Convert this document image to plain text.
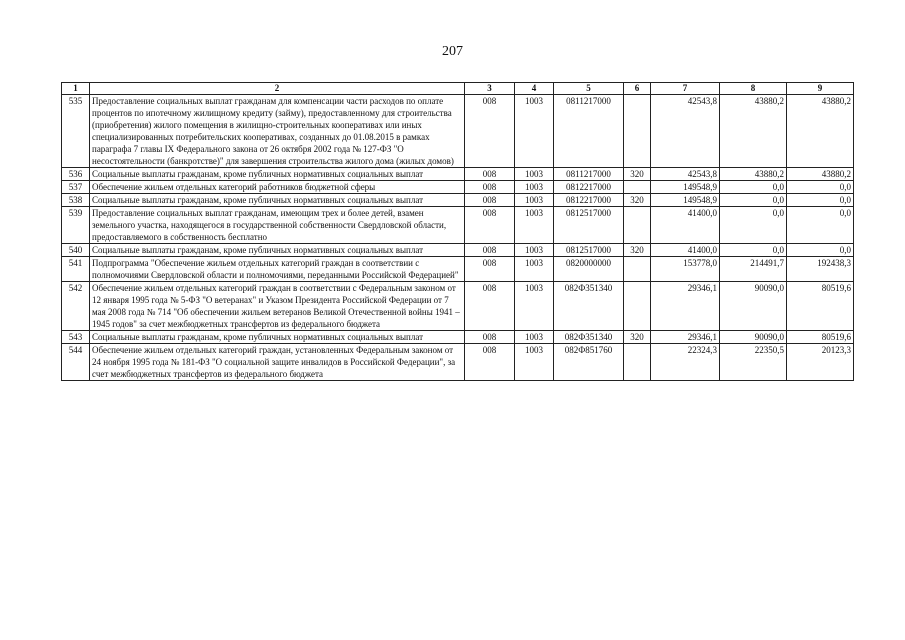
207
1	2	3	4	5	6	7	8	9
535	Предоставление социальных выплат гражданам для компенсации части расходов по оплате процентов по ипотечному жилищному кредиту (займу), предоставленному для строительства (приобретения) жилого помещения в жилищно-строительных кооперативах или иных специализированных потребительских кооперативах, созданных до 01.08.2015 в рамках параграфа 7 главы IX Федерального закона от 26 октября 2002 года № 127-ФЗ "О несостоятельности (банкротстве)" для завершения строительства жилого дома (жилых домов)	008	1003	0811217000		42543,8	43880,2	43880,2
536	Социальные выплаты гражданам, кроме публичных нормативных социальных выплат	008	1003	0811217000	320	42543,8	43880,2	43880,2
537	Обеспечение жильем отдельных категорий работников бюджетной сферы	008	1003	0812217000		149548,9	0,0	0,0
538	Социальные выплаты гражданам, кроме публичных нормативных социальных выплат	008	1003	0812217000	320	149548,9	0,0	0,0
539	Предоставление социальных выплат гражданам, имеющим трех и более детей, взамен земельного участка, находящегося в государственной собственности Свердловской области, предоставляемого в собственность бесплатно	008	1003	0812517000		41400,0	0,0	0,0
540	Социальные выплаты гражданам, кроме публичных нормативных социальных выплат	008	1003	0812517000	320	41400,0	0,0	0,0
541	Подпрограмма "Обеспечение жильем отдельных категорий граждан в соответствии с полномочиями Свердловской области и полномочиями, переданными Российской Федерацией"	008	1003	0820000000		153778,0	214491,7	192438,3
542	Обеспечение жильем отдельных категорий граждан в соответствии с Федеральным законом от 12 января 1995 года № 5-ФЗ "О ветеранах" и Указом Президента Российской Федерации от 7 мая 2008 года № 714 "Об обеспечении жильем ветеранов Великой Отечественной войны 1941 – 1945 годов" за счет межбюджетных трансфертов из федерального бюджета	008	1003	082Ф351340		29346,1	90090,0	80519,6
543	Социальные выплаты гражданам, кроме публичных нормативных социальных выплат	008	1003	082Ф351340	320	29346,1	90090,0	80519,6
544	Обеспечение жильем отдельных категорий граждан, установленных Федеральным законом от 24 ноября 1995 года № 181-ФЗ "О социальной защите инвалидов в Российской Федерации", за счет межбюджетных трансфертов из федерального бюджета	008	1003	082Ф851760		22324,3	22350,5	20123,3
